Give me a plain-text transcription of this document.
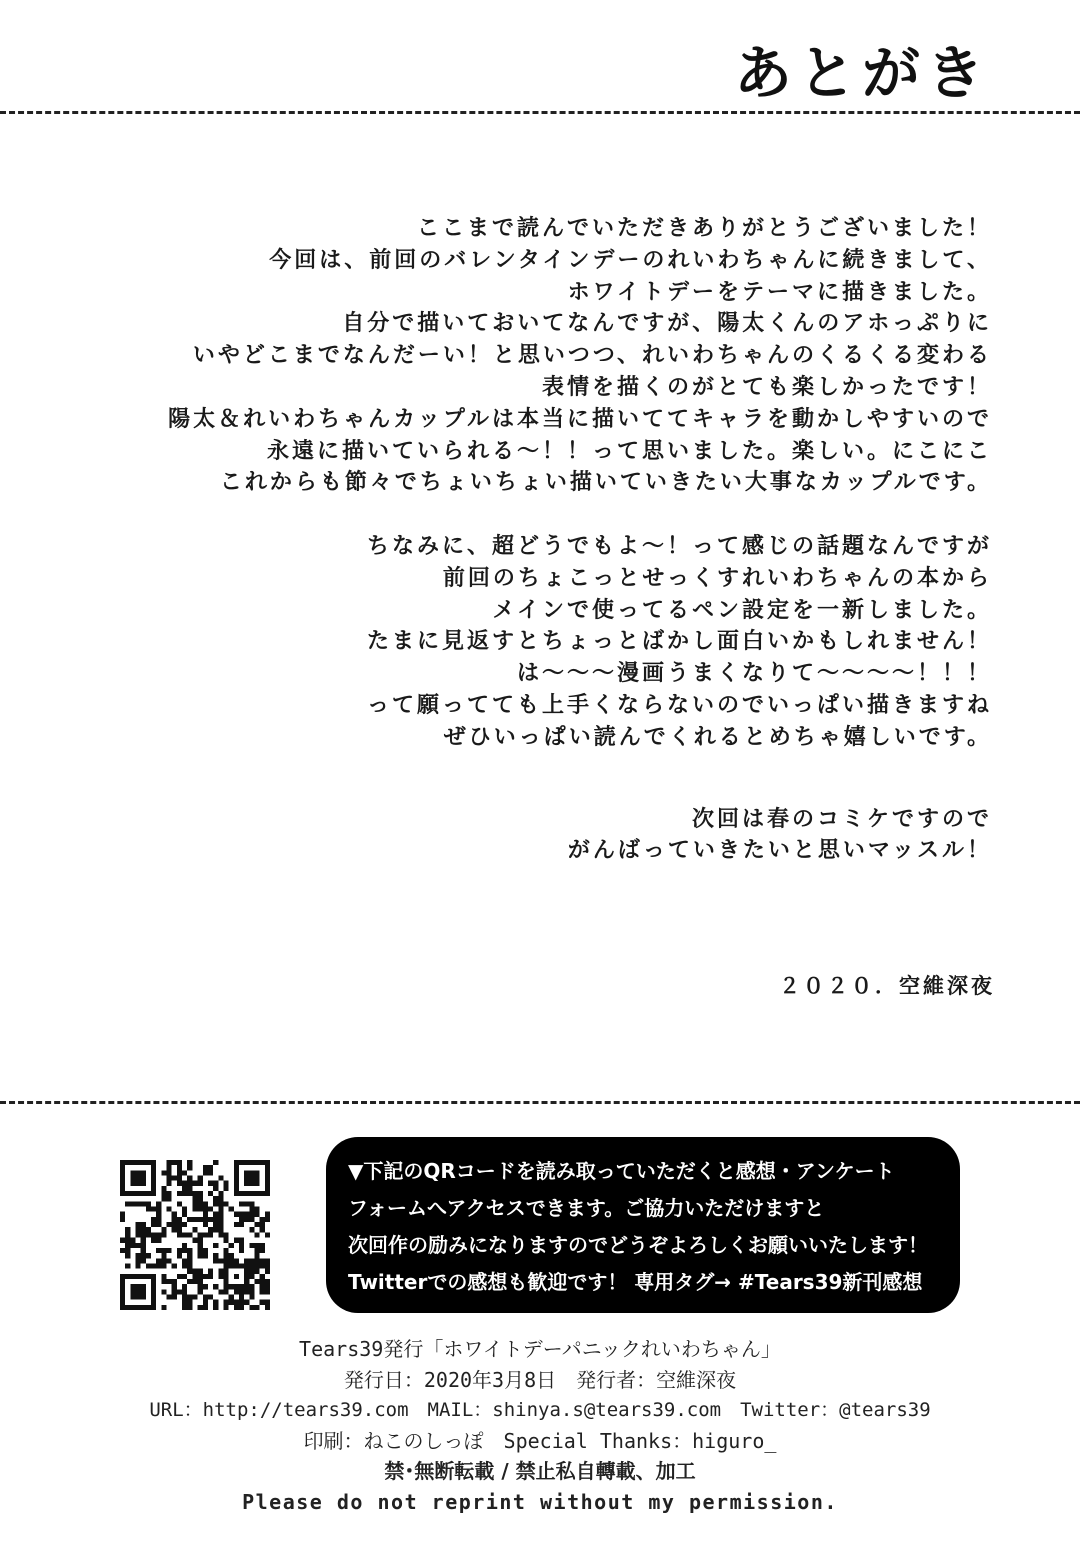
あとがき
ここまで読んでいただきありがとうございました！
今回は、前回のバレンタインデーのれいわちゃんに続きまして、
ホワイトデーをテーマに描きました。
自分で描いておいてなんですが、陽太くんのアホっぷりに
いやどこまでなんだーい！と思いつつ、れいわちゃんのくるくる変わる
表情を描くのがとても楽しかったです！
陽太＆れいわちゃんカップルは本当に描いててキャラを動かしやすいので
永遠に描いていられる～！！って思いました。楽しい。にこにこ
これからも節々でちょいちょい描いていきたい大事なカップルです。
ちなみに、超どうでもよ～！って感じの話題なんですが
前回のちょこっとせっくすれいわちゃんの本から
メインで使ってるペン設定を一新しました。
たまに見返すとちょっとばかし面白いかもしれません！
は～～～漫画うまくなりて～～～～！！！
って願ってても上手くならないのでいっぱい描きますね
ぜひいっぱい読んでくれるとめちゃ嬉しいです。
次回は春のコミケですので
がんばっていきたいと思いマッスル！
２０２０．空維深夜
▼下記のQRコードを読み取っていただくと感想・アンケート
フォームへアクセスできます。ご協力いただけますと
次回作の励みになりますのでどうぞよろしくお願いいたします！
Twitterでの感想も歓迎です！ 専用タグ→ #Tears39新刊感想
Tears39発行「ホワイトデーパニックれいわちゃん」
発行日：2020年3月8日　発行者：空維深夜
URL：http://tears39.com　MAIL：shinya.s@tears39.com　Twitter：@tears39
印刷：ねこのしっぽ　Special Thanks：higuro_
禁･無断転載 / 禁止私自轉載、加工
Please do not reprint without my permission.
